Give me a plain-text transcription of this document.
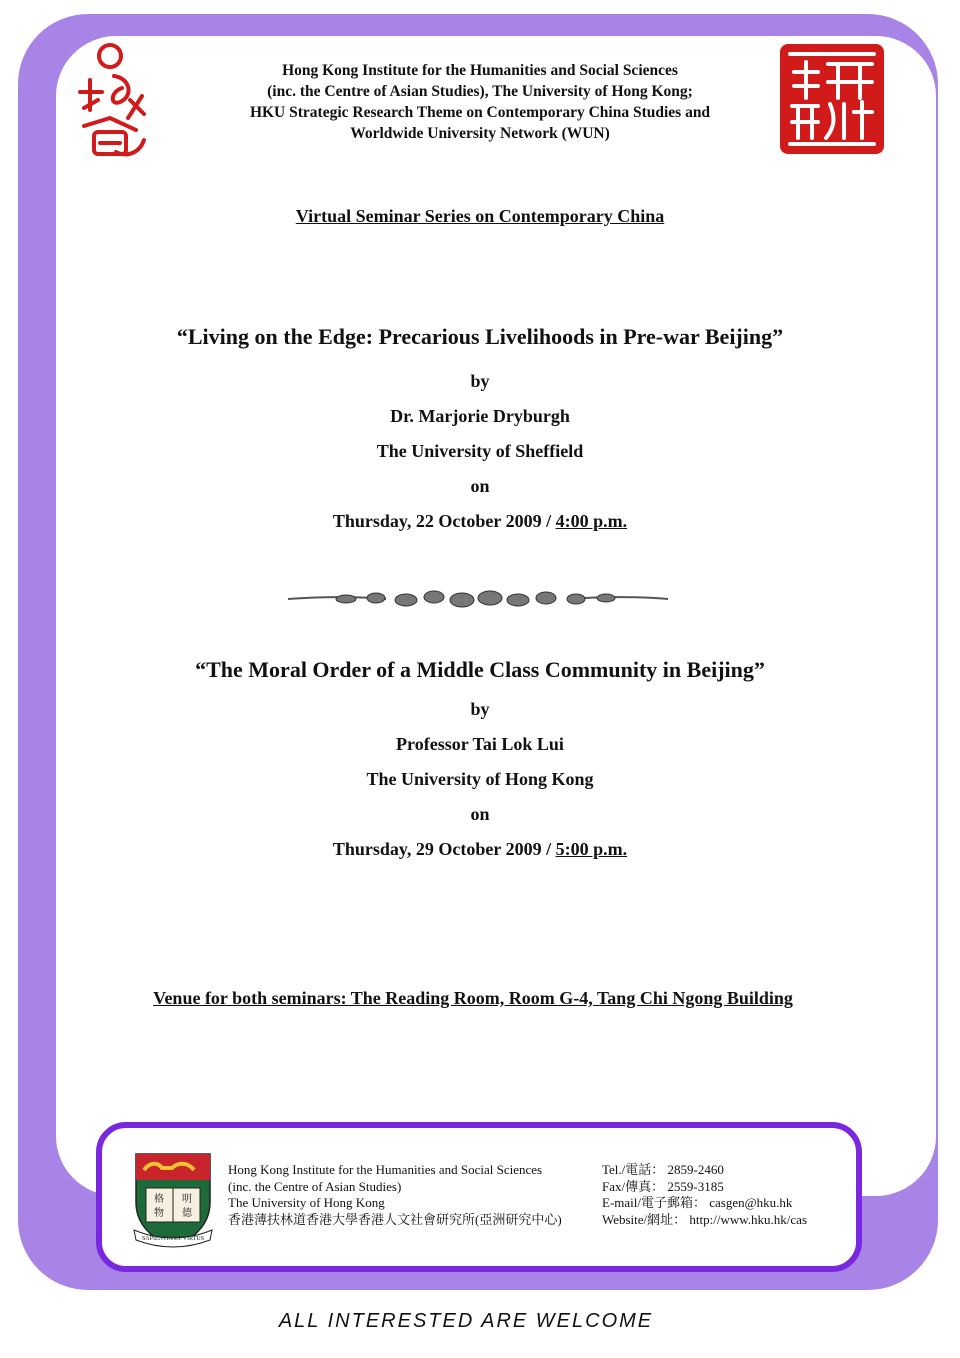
Hong Kong Institute for the Humanities and Social Sciences
(inc. the Centre of Asian Studies), The University of Hong Kong;
HKU Strategic Research Theme on Contemporary China Studies and
Worldwide University Network (WUN)
Virtual Seminar Series on Contemporary China
“Living on the Edge: Precarious Livelihoods in Pre-war Beijing”
by
Dr. Marjorie Dryburgh
The University of Sheffield
on
Thursday, 22 October 2009 / 4:00 p.m.
“The Moral Order of a Middle Class Community in Beijing”
by
Professor Tai Lok Lui
The University of Hong Kong
on
Thursday, 29 October 2009 / 5:00 p.m.
Venue for both seminars: The Reading Room, Room G-4, Tang Chi Ngong Building
格 明
物 德
SAPIENTIA ET VIRTUS
Hong Kong Institute for the Humanities and Social Sciences
(inc. the Centre of Asian Studies)
The University of Hong Kong
香港薄扶林道香港大學香港人文社會研究所(亞洲研究中心)
Tel./電話： 2859-2460
Fax/傳真： 2559-3185
E-mail/電子郵箱： casgen@hku.hk
Website/網址： http://www.hku.hk/cas
ALL INTERESTED ARE WELCOME
